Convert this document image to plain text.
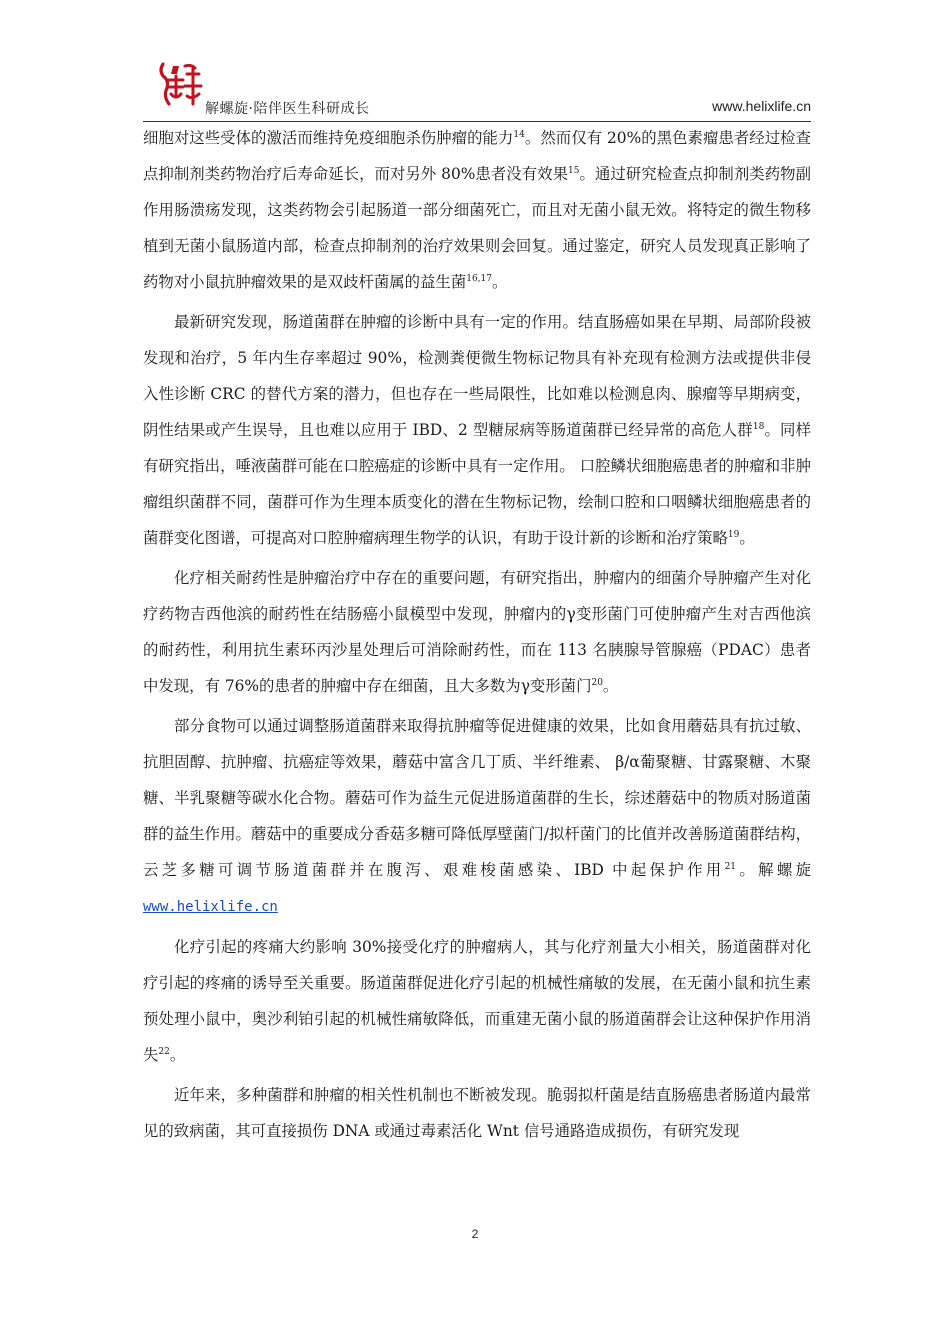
解螺旋·陪伴医生科研成长	www.helixlife.cn

细胞对这些受体的激活而维持免疫细胞杀伤肿瘤的能力$^{14}$。然而仅有 20%的黑色素瘤患者经过检查点抑制剂类药物治疗后寿命延长，而对另外 80%患者没有效果$^{15}$。通过研究检查点抑制剂类药物副作用肠溃疡发现，这类药物会引起肠道一部分细菌死亡，而且对无菌小鼠无效。将特定的微生物移植到无菌小鼠肠道内部，检查点抑制剂的治疗效果则会回复。通过鉴定，研究人员发现真正影响了药物对小鼠抗肿瘤效果的是双歧杆菌属的益生菌$^{16,17}$。

最新研究发现，肠道菌群在肿瘤的诊断中具有一定的作用。结直肠癌如果在早期、局部阶段被发现和治疗，5 年内生存率超过 90%，检测粪便微生物标记物具有补充现有检测方法或提供非侵入性诊断 CRC 的替代方案的潜力，但也存在一些局限性，比如难以检测息肉、腺瘤等早期病变，阴性结果或产生误导，且也难以应用于 IBD、2 型糖尿病等肠道菌群已经异常的高危人群$^{18}$。同样有研究指出，唾液菌群可能在口腔癌症的诊断中具有一定作用。 口腔鳞状细胞癌患者的肿瘤和非肿瘤组织菌群不同，菌群可作为生理本质变化的潜在生物标记物，绘制口腔和口咽鳞状细胞癌患者的菌群变化图谱，可提高对口腔肿瘤病理生物学的认识，有助于设计新的诊断和治疗策略$^{19}$。

化疗相关耐药性是肿瘤治疗中存在的重要问题，有研究指出，肿瘤内的细菌介导肿瘤产生对化疗药物吉西他滨的耐药性在结肠癌小鼠模型中发现，肿瘤内的γ变形菌门可使肿瘤产生对吉西他滨的耐药性，利用抗生素环丙沙星处理后可消除耐药性，而在 113 名胰腺导管腺癌（PDAC）患者中发现，有 76%的患者的肿瘤中存在细菌，且大多数为γ变形菌门$^{20}$。

部分食物可以通过调整肠道菌群来取得抗肿瘤等促进健康的效果，比如食用蘑菇具有抗过敏、抗胆固醇、抗肿瘤、抗癌症等效果，蘑菇中富含几丁质、半纤维素、 β/α葡聚糖、甘露聚糖、木聚糖、半乳聚糖等碳水化合物。蘑菇可作为益生元促进肠道菌群的生长，综述蘑菇中的物质对肠道菌群的益生作用。蘑菇中的重要成分香菇多糖可降低厚壁菌门/拟杆菌门的比值并改善肠道菌群结构，云芝多糖可调节肠道菌群并在腹泻、艰难梭菌感染、IBD 中起保护作用$^{21}$。解螺旋 www.helixlife.cn

化疗引起的疼痛大约影响 30%接受化疗的肿瘤病人，其与化疗剂量大小相关，肠道菌群对化疗引起的疼痛的诱导至关重要。肠道菌群促进化疗引起的机械性痛敏的发展，在无菌小鼠和抗生素预处理小鼠中，奥沙利铂引起的机械性痛敏降低，而重建无菌小鼠的肠道菌群会让这种保护作用消失$^{22}$。

近年来，多种菌群和肿瘤的相关性机制也不断被发现。脆弱拟杆菌是结直肠癌患者肠道内最常见的致病菌，其可直接损伤 DNA 或通过毒素活化 Wnt 信号通路造成损伤，有研究发现

2
